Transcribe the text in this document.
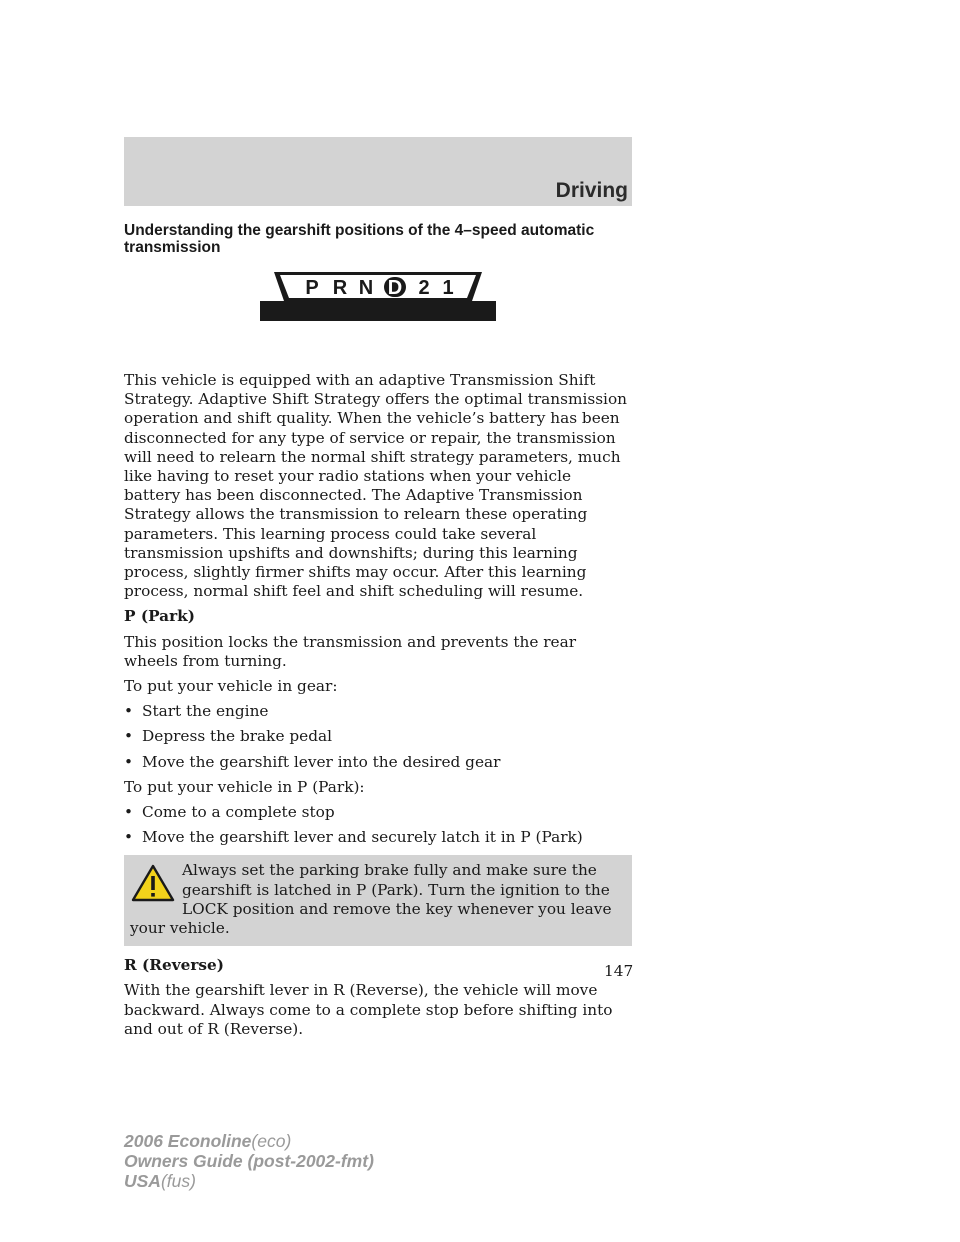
Driving
Understanding the gearshift positions of the 4–speed automatic transmission
P R N D 2 1

This vehicle is equipped with an adaptive Transmission Shift Strategy. Adaptive Shift Strategy offers the optimal transmission operation and shift quality. When the vehicle’s battery has been disconnected for any type of service or repair, the transmission will need to relearn the normal shift strategy parameters, much like having to reset your radio stations when your vehicle battery has been disconnected. The Adaptive Transmission Strategy allows the transmission to relearn these operating parameters. This learning process could take several transmission upshifts and downshifts; during this learning process, slightly firmer shifts may occur. After this learning process, normal shift feel and shift scheduling will resume.

P (Park)

This position locks the transmission and prevents the rear wheels from turning.

To put your vehicle in gear:

• Start the engine
• Depress the brake pedal
• Move the gearshift lever into the desired gear

To put your vehicle in P (Park):

• Come to a complete stop
• Move the gearshift lever and securely latch it in P (Park)

Always set the parking brake fully and make sure the gearshift is latched in P (Park). Turn the ignition to the LOCK position and remove the key whenever you leave your vehicle.

R (Reverse)

With the gearshift lever in R (Reverse), the vehicle will move backward. Always come to a complete stop before shifting into and out of R (Reverse).

147

2006 Econoline(eco)
Owners Guide (post-2002-fmt)
USA(fus)
